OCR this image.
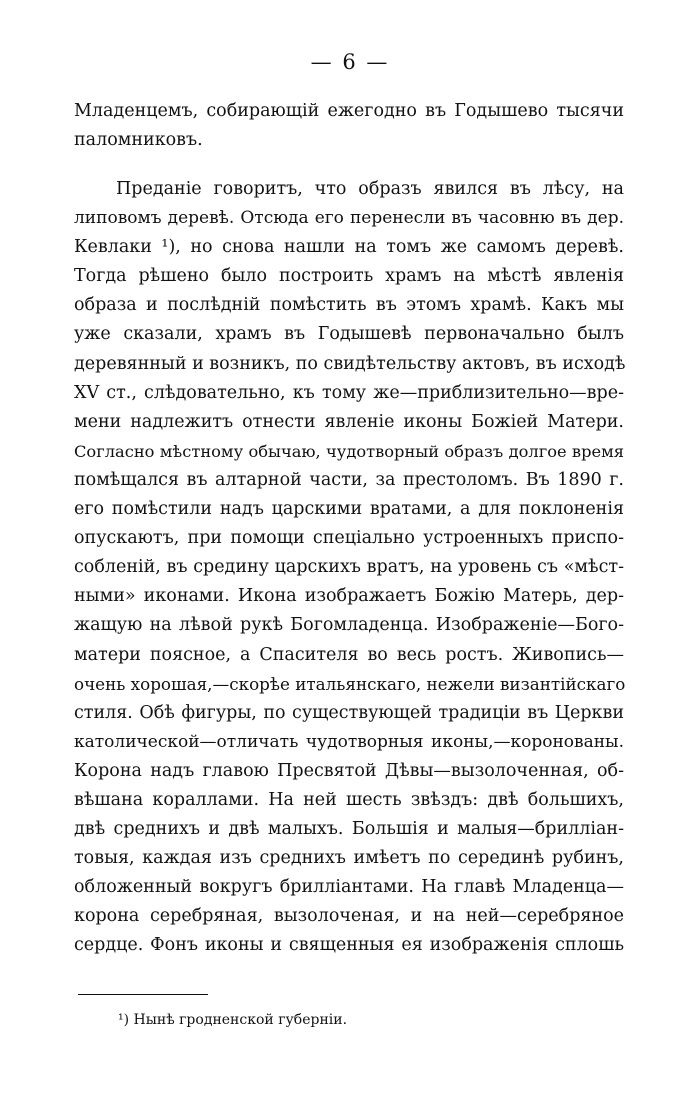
— 6 —
Младенцемъ, собирающій ежегодно въ Годышево тысячи
паломниковъ.
Преданіе говоритъ, что образъ явился въ лѣсу, на
липовомъ деревѣ. Отсюда его перенесли въ часовню въ дер.
Кевлаки ¹), но снова нашли на томъ же самомъ деревѣ.
Тогда рѣшено было построить храмъ на мѣстѣ явленія
образа и послѣдній помѣстить въ этомъ храмѣ. Какъ мы
уже сказали, храмъ въ Годышевѣ первоначально былъ
деревянный и возникъ, по свидѣтельству актовъ, въ исходѣ
XV ст., слѣдовательно, къ тому же—приблизительно—вре-
мени надлежитъ отнести явленіе иконы Божіей Матери.
Согласно мѣстному обычаю, чудотворный образъ долгое время
помѣщался въ алтарной части, за престоломъ. Въ 1890 г.
его помѣстили надъ царскими вратами, а для поклоненія
опускаютъ, при помощи спеціально устроенныхъ приспо-
собленій, въ средину царскихъ вратъ, на уровень съ «мѣст-
ными» иконами. Икона изображаетъ Божію Матерь, дер-
жащую на лѣвой рукѣ Богомладенца. Изображеніе—Бого-
матери поясное, а Спасителя во весь ростъ. Живопись—
очень хорошая,—скорѣе итальянскаго, нежели византійскаго
стиля. Обѣ фигуры, по существующей традиціи въ Церкви
католической—отличать чудотворныя иконы,—коронованы.
Корона надъ главою Пресвятой Дѣвы—вызолоченная, об-
вѣшана кораллами. На ней шесть звѣздъ: двѣ большихъ,
двѣ среднихъ и двѣ малыхъ. Большія и малыя—брилліан-
товыя, каждая изъ среднихъ имѣетъ по серединѣ рубинъ,
обложенный вокругъ брилліантами. На главѣ Младенца—
корона серебряная, вызолоченая, и на ней—серебряное
сердце. Фонъ иконы и священныя ея изображенія сплошь
¹) Нынѣ гродненской губерніи.
